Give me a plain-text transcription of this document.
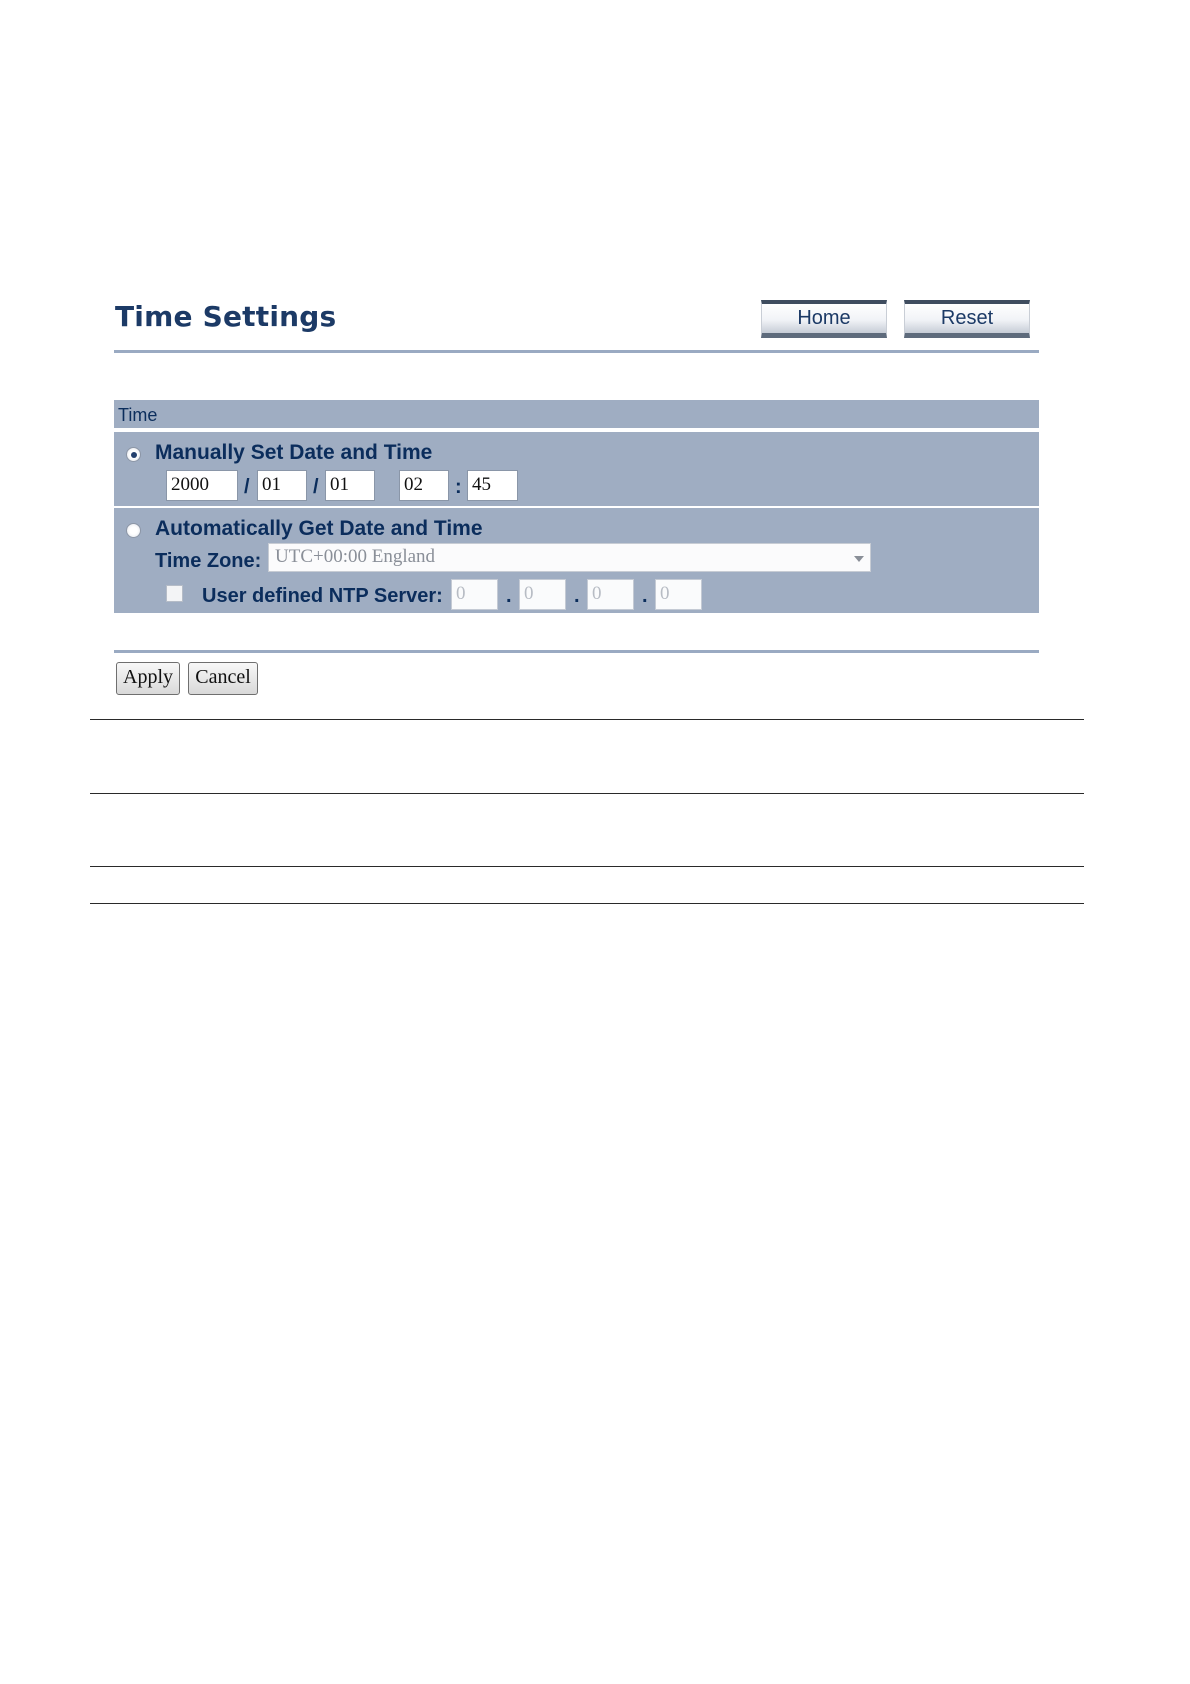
Time Settings	Home	Reset
Time
Manually Set Date and Time
2000	/ 01	/ 01	02	: 45
Automatically Get Date and Time
Time Zone: UTC+00:00 England
User defined NTP Server: 0	. 0	. 0	. 0
Apply	Cancel
